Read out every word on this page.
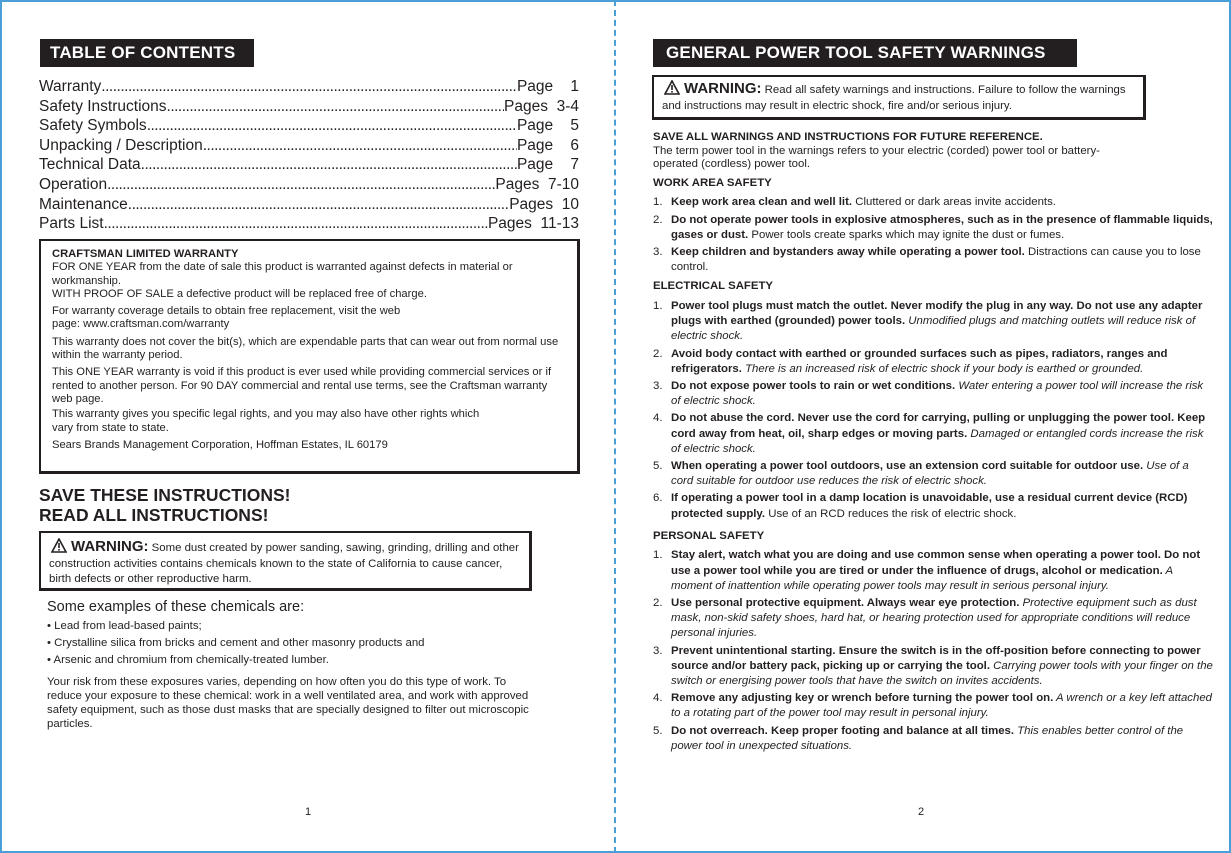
TABLE OF CONTENTS
Warranty .....	Page    1
Safety Instructions .....	Pages  3-4
Safety Symbols .....	Page    5
Unpacking / Description .....	Page    6
Technical Data .....	Page    7
Operation .....	Pages  7-10
Maintenance .....	Pages  10
Parts List .....	Pages  11-13

CRAFTSMAN LIMITED WARRANTY

FOR ONE YEAR from the date of sale this product is warranted against defects in material or workmanship.

WITH PROOF OF SALE a defective product will be replaced free of charge.

For warranty coverage details to obtain free replacement, visit the web page: www.craftsman.com/warranty

This warranty does not cover the bit(s), which are expendable parts that can wear out from normal use within the warranty period.

This ONE YEAR warranty is void if this product is ever used while providing commercial services or if rented to another person. For 90 DAY commercial and rental use terms, see the Craftsman warranty web page.

This warranty gives you specific legal rights, and you may also have other rights which vary from state to state.

Sears Brands Management Corporation, Hoffman Estates, IL 60179

SAVE THESE INSTRUCTIONS!
READ ALL INSTRUCTIONS!
WARNING: Some dust created by power sanding, sawing, grinding, drilling and other construction activities contains chemicals known to the state of California to cause cancer, birth defects or other reproductive harm.
Some examples of these chemicals are:
• Lead from lead-based paints;
• Crystalline silica from bricks and cement and other masonry products and
• Arsenic and chromium from chemically-treated lumber.
Your risk from these exposures varies, depending on how often you do this type of work. To reduce your exposure to these chemical: work in a well ventilated area, and work with approved safety equipment, such as those dust masks that are specially designed to filter out microscopic particles.
1
GENERAL POWER TOOL SAFETY WARNINGS
WARNING: Read all safety warnings and instructions. Failure to follow the warnings and instructions may result in electric shock, fire and/or serious injury.
SAVE ALL WARNINGS AND INSTRUCTIONS FOR FUTURE REFERENCE.
The term power tool in the warnings refers to your electric (corded) power tool or battery-operated (cordless) power tool.
WORK AREA SAFETY
1. Keep work area clean and well lit. Cluttered or dark areas invite accidents.
2. Do not operate power tools in explosive atmospheres, such as in the presence of flammable liquids, gases or dust. Power tools create sparks which may ignite the dust or fumes.
3. Keep children and bystanders away while operating a power tool. Distractions can cause you to lose control.
ELECTRICAL SAFETY
1. Power tool plugs must match the outlet. Never modify the plug in any way. Do not use any adapter plugs with earthed (grounded) power tools. Unmodified plugs and matching outlets will reduce risk of electric shock.
2. Avoid body contact with earthed or grounded surfaces such as pipes, radiators, ranges and refrigerators. There is an increased risk of electric shock if your body is earthed or grounded.
3. Do not expose power tools to rain or wet conditions. Water entering a power tool will increase the risk of electric shock.
4. Do not abuse the cord. Never use the cord for carrying, pulling or unplugging the power tool. Keep cord away from heat, oil, sharp edges or moving parts. Damaged or entangled cords increase the risk of electric shock.
5. When operating a power tool outdoors, use an extension cord suitable for outdoor use. Use of a cord suitable for outdoor use reduces the risk of electric shock.
6. If operating a power tool in a damp location is unavoidable, use a residual current device (RCD) protected supply. Use of an RCD reduces the risk of electric shock.
PERSONAL SAFETY
1. Stay alert, watch what you are doing and use common sense when operating a power tool. Do not use a power tool while you are tired or under the influence of drugs, alcohol or medication. A moment of inattention while operating power tools may result in serious personal injury.
2. Use personal protective equipment. Always wear eye protection. Protective equipment such as dust mask, non-skid safety shoes, hard hat, or hearing protection used for appropriate conditions will reduce personal injuries.
3. Prevent unintentional starting. Ensure the switch is in the off-position before connecting to power source and/or battery pack, picking up or carrying the tool. Carrying power tools with your finger on the switch or energising power tools that have the switch on invites accidents.
4. Remove any adjusting key or wrench before turning the power tool on. A wrench or a key left attached to a rotating part of the power tool may result in personal injury.
5. Do not overreach. Keep proper footing and balance at all times. This enables better control of the power tool in unexpected situations.
2
